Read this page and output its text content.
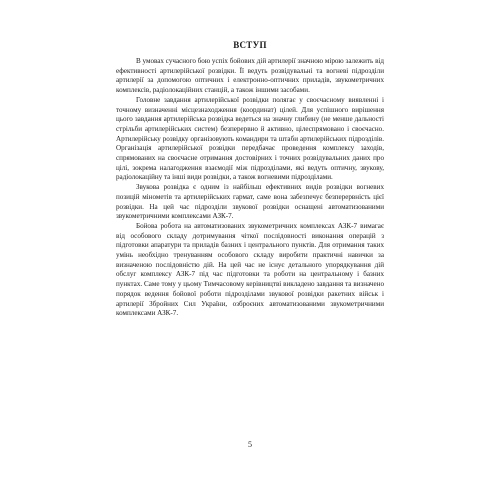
ВСТУП

В умовах сучасного бою успіх бойових дій артилерії значною мірою залежить від ефективності артилерійської розвідки. Її ведуть розвідувальні та вогневі підрозділи артилерії за допомогою оптичних і електронно-оптичних приладів, звукометричних комплексів, радіолокаційних станцій, а також іншими засобами.

Головне завдання артилерійської розвідки полягає у своєчасному виявленні і точному визначенні місцезнаходження (координат) цілей. Для успішного вирішення цього завдання артилерійська розвідка ведеться на значну глибину (не менше дальності стрільби артилерійських систем) безперервно й активно, цілеспрямовано і своєчасно. Артилерійську розвідку організовують командири та штаби артилерійських підрозділів. Організація артилерійської розвідки передбачає проведення комплексу заходів, спрямованих на своєчасне отримання достовірних і точних розвідувальних даних про цілі, зокрема налагодження взаємодії між підрозділами, які ведуть оптичну, звукову, радіолокаційну та інші види розвідки, а також вогневими підрозділами.

Звукова розвідка є одним із найбільш ефективних видів розвідки вогневих позицій мінометів та артилерійських гармат, саме вона забезпечує безперервність цієї розвідки. На цей час підрозділи звукової розвідки оснащені автоматизованими звукометричними комплексами АЗК-7.

Бойова робота на автоматизованих звукометричних комплексах АЗК-7 вимагає від особового складу дотримування чіткої послідовності виконання операцій з підготовки апаратури та приладів базних і центрального пунктів. Для отримання таких умінь необхідно тренуванням особового складу виробити практичні навички за визначеною послідовністю дій. На цей час не існує детального упорядкування дій обслуг комплексу АЗК-7 під час підготовки та роботи на центральному і базних пунктах. Саме тому у цьому Тимчасовому керівництві викладено завдання та визначено порядок ведення бойової роботи підрозділами звукової розвідки ракетних військ і артилерії Збройних Сил України, озброєних автоматизованими звукометричними комплексами АЗК-7.

5
